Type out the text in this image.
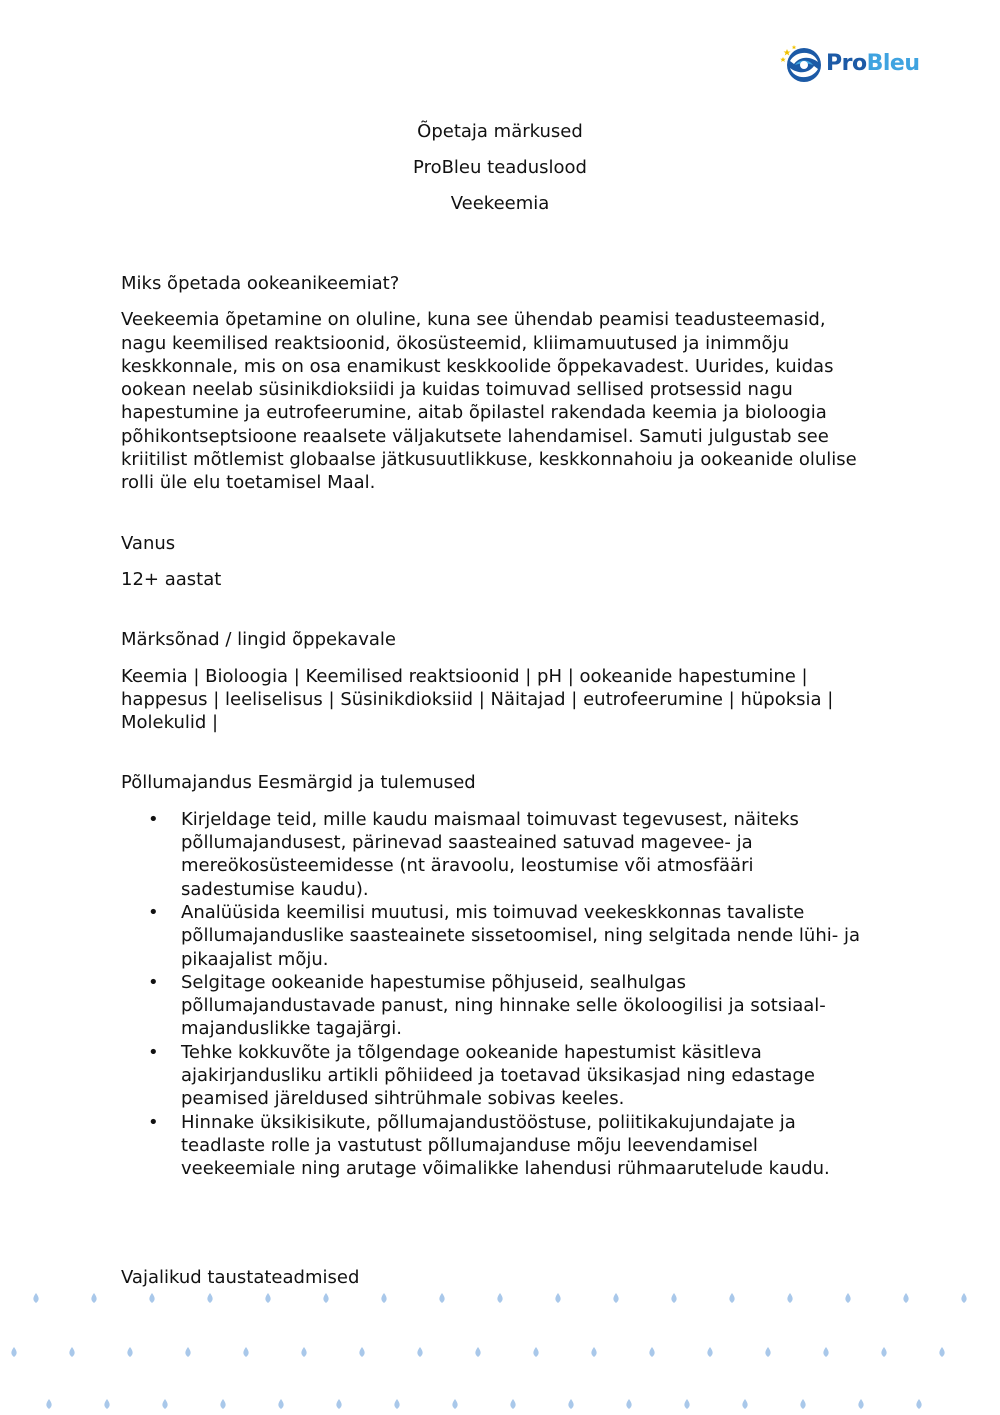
ProBleu
Õpetaja märkused
ProBleu teaduslood
Veekeemia
Miks õpetada ookeanikeemiat?
Veekeemia õpetamine on oluline, kuna see ühendab peamisi teadusteemasid,
nagu keemilised reaktsioonid, ökosüsteemid, kliimamuutused ja inimmõju
keskkonnale, mis on osa enamikust keskkoolide õppekavadest. Uurides, kuidas
ookean neelab süsinikdioksiidi ja kuidas toimuvad sellised protsessid nagu
hapestumine ja eutrofeerumine, aitab õpilastel rakendada keemia ja bioloogia
põhikontseptsioone reaalsete väljakutsete lahendamisel. Samuti julgustab see
kriitilist mõtlemist globaalse jätkusuutlikkuse, keskkonnahoiu ja ookeanide olulise
rolli üle elu toetamisel Maal.
Vanus
12+ aastat
Märksõnad / lingid õppekavale
Keemia | Bioloogia | Keemilised reaktsioonid | pH | ookeanide hapestumine |
happesus | leeliselisus | Süsinikdioksiid | Näitajad | eutrofeerumine | hüpoksia |
Molekulid |
Põllumajandus Eesmärgid ja tulemused
• Kirjeldage teid, mille kaudu maismaal toimuvast tegevusest, näiteks
põllumajandusest, pärinevad saasteained satuvad magevee- ja
mereökosüsteemidesse (nt äravoolu, leostumise või atmosfääri
sadestumise kaudu).
• Analüüsida keemilisi muutusi, mis toimuvad veekeskkonnas tavaliste
põllumajanduslike saasteainete sissetoomisel, ning selgitada nende lühi- ja
pikaajalist mõju.
• Selgitage ookeanide hapestumise põhjuseid, sealhulgas
põllumajandustavade panust, ning hinnake selle ökoloogilisi ja sotsiaal-
majanduslikke tagajärgi.
• Tehke kokkuvõte ja tõlgendage ookeanide hapestumist käsitleva
ajakirjandusliku artikli põhiideed ja toetavad üksikasjad ning edastage
peamised järeldused sihtrühmale sobivas keeles.
• Hinnake üksikisikute, põllumajandustööstuse, poliitikakujundajate ja
teadlaste rolle ja vastutust põllumajanduse mõju leevendamisel
veekeemiale ning arutage võimalikke lahendusi rühmaarutelude kaudu.
Vajalikud taustateadmised
